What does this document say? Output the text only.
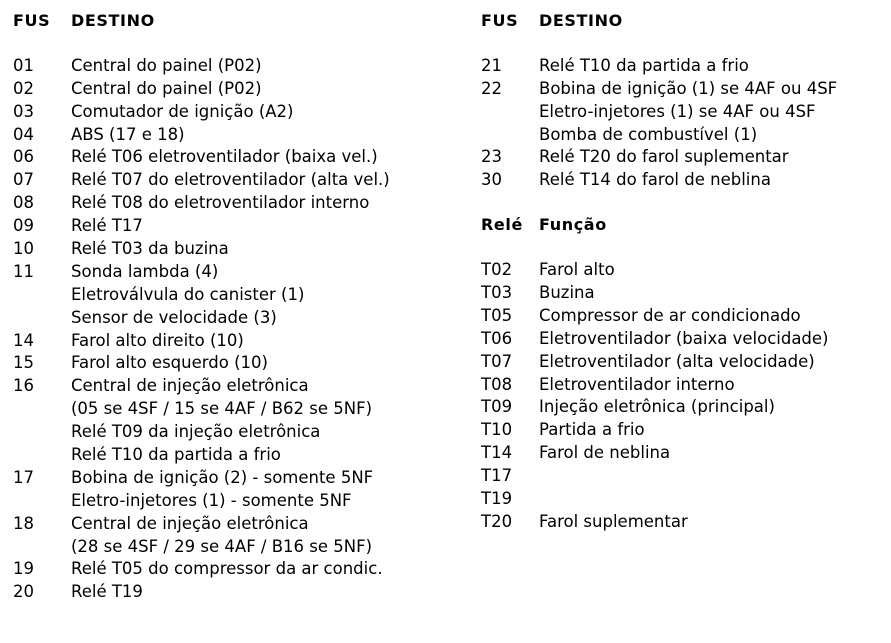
FUS	DESTINO
01	Central do painel (P02)
02	Central do painel (P02)
03	Comutador de ignição (A2)
04	ABS (17 e 18)
06	Relé T06 eletroventilador (baixa vel.)
07	Relé T07 do eletroventilador (alta vel.)
08	Relé T08 do eletroventilador interno
09	Relé T17
10	Relé T03 da buzina
11	Sonda lambda (4)
Eletroválvula do canister (1)
Sensor de velocidade (3)
14	Farol alto direito (10)
15	Farol alto esquerdo (10)
16	Central de injeção eletrônica
(05 se 4SF / 15 se 4AF / B62 se 5NF)
Relé T09 da injeção eletrônica
Relé T10 da partida a frio
17	Bobina de ignição (2) - somente 5NF
Eletro-injetores (1) - somente 5NF
18	Central de injeção eletrônica
(28 se 4SF / 29 se 4AF / B16 se 5NF)
19	Relé T05 do compressor da ar condic.
20	Relé T19
FUS	DESTINO
21	Relé T10 da partida a frio
22	Bobina de ignição (1) se 4AF ou 4SF
Eletro-injetores (1) se 4AF ou 4SF
Bomba de combustível (1)
23	Relé T20 do farol suplementar
30	Relé T14 do farol de neblina
Relé	Função
T02	Farol alto
T03	Buzina
T05	Compressor de ar condicionado
T06	Eletroventilador (baixa velocidade)
T07	Eletroventilador (alta velocidade)
T08	Eletroventilador interno
T09	Injeção eletrônica (principal)
T10	Partida a frio
T14	Farol de neblina
T17
T19
T20	Farol suplementar
